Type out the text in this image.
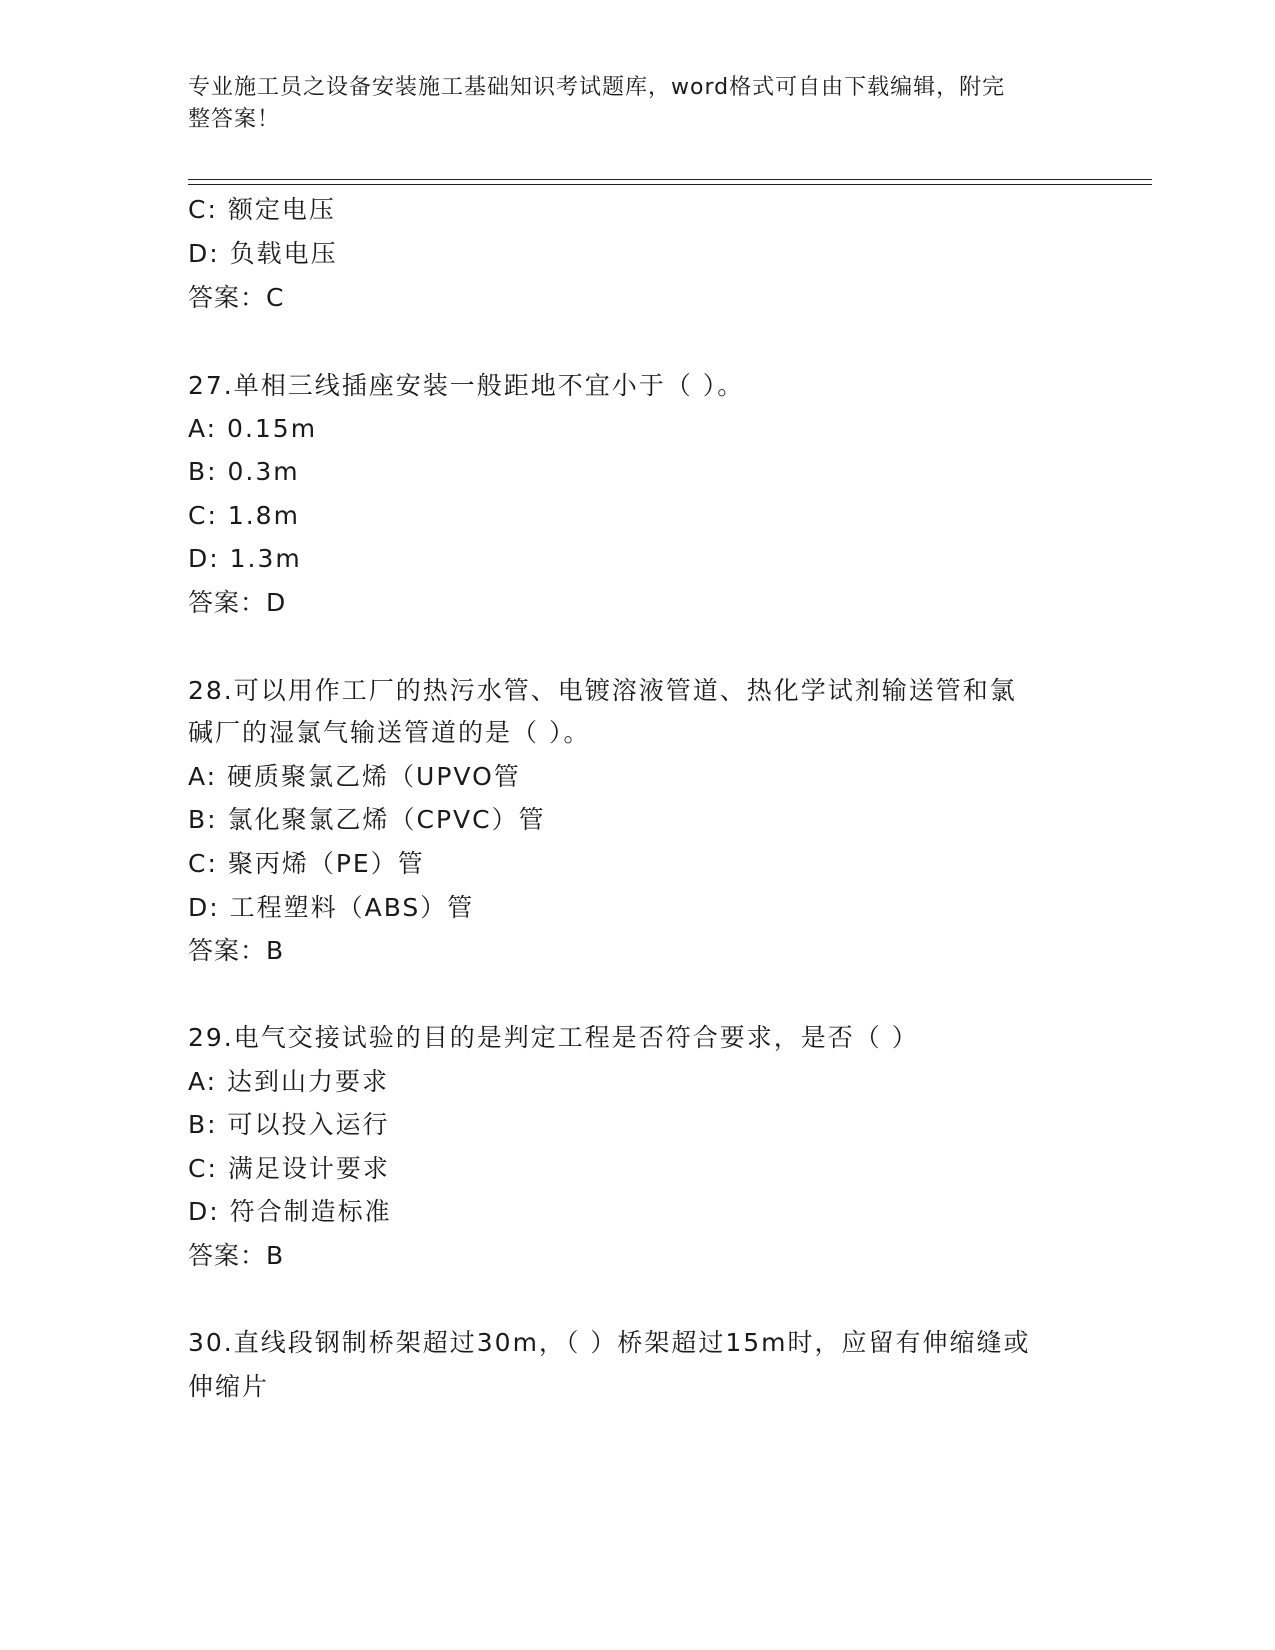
专业施工员之设备安装施工基础知识考试题库，word格式可自由下载编辑，附完
整答案！
C: 额定电压
D: 负载电压
答案：C
27.单相三线插座安装一般距地不宜小于（ ）。
A: 0.15m
B: 0.3m
C: 1.8m
D: 1.3m
答案：D
28.可以用作工厂的热污水管、电镀溶液管道、热化学试剂输送管和氯
碱厂的湿氯气输送管道的是（ ）。
A: 硬质聚氯乙烯（UPVO管
B: 氯化聚氯乙烯（CPVC）管
C: 聚丙烯（PE）管
D: 工程塑料（ABS）管
答案：B
29.电气交接试验的目的是判定工程是否符合要求，是否（ ）
A: 达到山力要求
B: 可以投入运行
C: 满足设计要求
D: 符合制造标准
答案：B
30.直线段钢制桥架超过30m，（ ）桥架超过15m时，应留有伸缩缝或
伸缩片
